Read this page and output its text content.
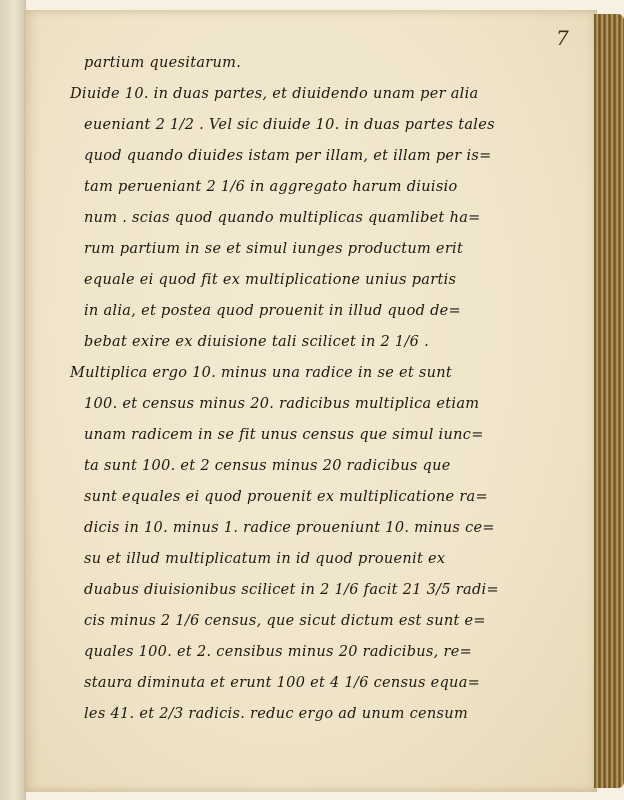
7
partium quesitarum.
Diuide 10. in duas partes, et diuidendo unam per alia
eueniant 2 1/2 . Vel sic diuide 10. in duas partes tales
quod quando diuides istam per illam, et illam per is=
tam perueniant 2 1/6 in aggregato harum diuisio
num . scias quod quando multiplicas quamlibet ha=
rum partium in se et simul iunges productum erit
equale ei quod fit ex multiplicatione unius partis
in alia, et postea quod prouenit in illud quod de=
bebat exire ex diuisione tali scilicet in 2 1/6 .
Multiplica ergo 10. minus una radice in se et sunt
100. et census minus 20. radicibus multiplica etiam
unam radicem in se fit unus census que simul iunc=
ta sunt 100. et 2 census minus 20 radicibus que
sunt equales ei quod prouenit ex multiplicatione ra=
dicis in 10. minus 1. radice proueniunt 10. minus ce=
su et illud multiplicatum in id quod prouenit ex
duabus diuisionibus scilicet in 2 1/6 facit 21 3/5 radi=
cis minus 2 1/6 census, que sicut dictum est sunt e=
quales 100. et 2. censibus minus 20 radicibus, re=
staura diminuta et erunt 100 et 4 1/6 census equa=
les 41. et 2/3 radicis. reduc ergo ad unum censum
